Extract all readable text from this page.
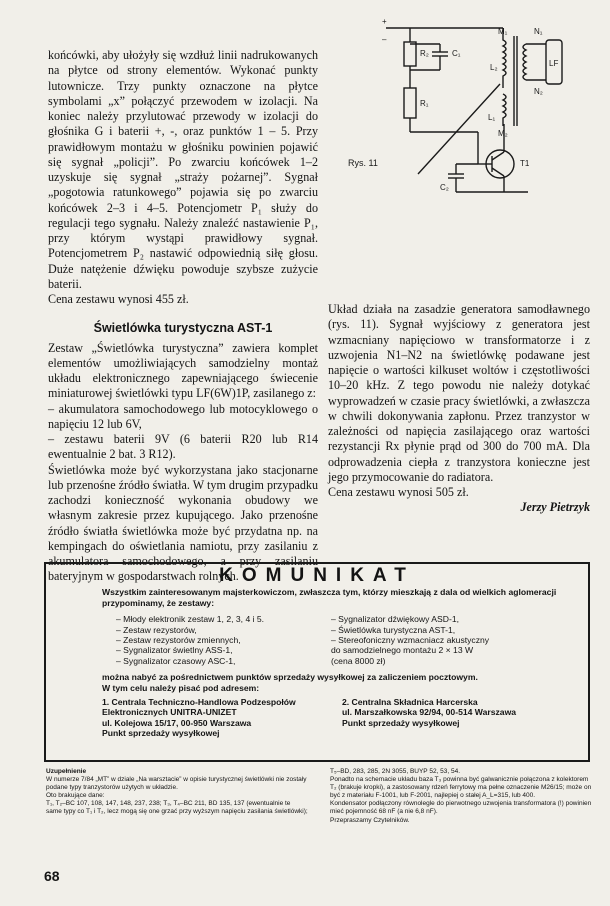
końcówki, aby ułożyły się wzdłuż linii nadrukowanych na płytce od strony elementów. Wykonać punkty lutownicze. Trzy punkty oznaczone na płytce symbolami „x” połączyć przewodem w izolacji. Na koniec należy przylutować przewody w izolacji do głośnika G i baterii +, -, oraz punktów 1 – 5. Przy prawidłowym montażu w głośniku powinien pojawić się sygnał „policji”. Po zwarciu końcówek 1–2 uzyskuje się sygnał „straży pożarnej”. Sygnał „pogotowia ratunkowego” pojawia się po zwarciu końcówek 2–3 i 4–5. Potencjometr P₁ służy do regulacji tego sygnału. Należy znaleźć nastawienie P₁, przy którym wystąpi prawidłowy sygnał. Potencjometrem P₂ nastawić odpowiednią siłę głosu. Duże natężenie dźwięku powoduje szybsze zużycie baterii.

Cena zestawu wynosi 455 zł.

Świetlówka turystyczna AST-1

Zestaw „Świetlówka turystyczna” zawiera komplet elementów umożliwiających samodzielny montaż układu elektronicznego zapewniającego świecenie miniaturowej świetlówki typu LF(6W)1P, zasilanego z:

– akumulatora samochodowego lub motocyklowego o napięciu 12 lub 6V,

– zestawu baterii 9V (6 baterii R20 lub R14 ewentualnie 2 bat. 3 R12).

Świetlówka może być wykorzystana jako stacjonarne lub przenośne źródło światła. W tym drugim przypadku zachodzi konieczność wykonania obudowy we własnym zakresie przez kupującego. Jako przenośne źródło światła świetlówka może być przydatna np. na kempingach do oświetlania namiotu, przy zasilaniu z akumulatora samochodowego, a przy zasilaniu bateryjnym w gospodarstwach rolnych.

+
–
R₂	C₁
R₁
L₂
L₁
M₁
M₂
N₁
N₂
LF
C₂
T1
Rys. 11

Układ działa na zasadzie generatora samodławnego (rys. 11). Sygnał wyjściowy z generatora jest wzmacniany napięciowo w transformatorze i z uzwojenia N1–N2 na świetlówkę podawane jest napięcie o wartości kilkuset woltów i częstotliwości 10–20 kHz. Z tego powodu nie należy dotykać wyprowadzeń w czasie pracy świetlówki, a zwłaszcza w chwili dokonywania zapłonu. Przez tranzystor w zależności od napięcia zasilającego oraz wartości rezystancji Rx płynie prąd od 300 do 700 mA. Dla odprowadzenia ciepła z tranzystora konieczne jest jego przymocowanie do radiatora.

Cena zestawu wynosi 505 zł.

Jerzy Pietrzyk

KOMUNIKAT

Wszystkim zainteresowanym majsterkowiczom, zwłaszcza tym, którzy mieszkają z dala od wielkich aglomeracji przypominamy, że zestawy:

– Młody elektronik zestaw 1, 2, 3, 4 i 5.
– Zestaw rezystorów,
– Zestaw rezystorów zmiennych,
– Sygnalizator świetlny ASS-1,
– Sygnalizator czasowy ASC-1,
– Sygnalizator dźwiękowy ASD-1,
– Świetlówka turystyczna AST-1,
– Stereofoniczny wzmacniacz akustyczny
do samodzielnego montażu 2 × 13 W
(cena 8000 zł)

można nabyć za pośrednictwem punktów sprzedaży wysyłkowej za zaliczeniem pocztowym.

W tym celu należy pisać pod adresem:

1. Centrala Techniczno-Handlowa Podzespołów
Elektronicznych UNITRA-UNIZET
ul. Kolejowa 15/17, 00-950 Warszawa
Punkt sprzedaży wysyłkowej
2. Centralna Składnica Harcerska
ul. Marszałkowska 92/94, 00-514 Warszawa
Punkt sprzedaży wysyłkowej

Uzupełnienie

W numerze 7/84 „MT” w dziale „Na warsztacie” w opisie turystycznej świetlówki nie zostały podane typy tranzystorów użytych w układzie.

Oto brakujące dane:

T₁, T₂–BC 107, 108, 147, 148, 237, 238; T₃, T₄–BC 211, BD 135, 137 (ewentualnie te same typy co T₁ i T₂, lecz mogą się one grzać przy wyższym napięciu zasilania świetlówki);

T₅–BD, 283, 285, 2N 3055, BUYP 52, 53, 54.

Ponadto na schemacie układu baza T₃ powinna być galwanicznie połączona z kolektorem T₂ (brakuje kropki), a zastosowany rdzeń ferrytowy ma pełne oznaczenie M26/15; może on być z materiału F-1001, lub F-2001, najlepiej o stałej A_L=315, lub 400.

Kondensator podłączony równolegle do pierwotnego uzwojenia transformatora (!) powinien mieć pojemność 68 nF (a nie 6,8 nF).

Przepraszamy Czytelników.

68
